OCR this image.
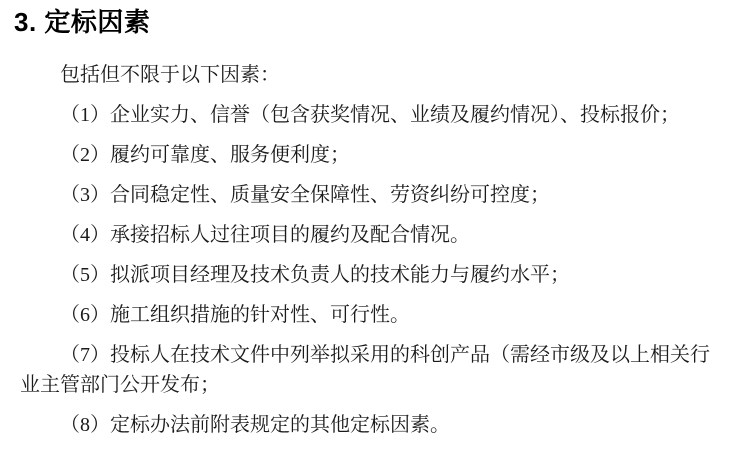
3. 定标因素

包括但不限于以下因素：

（1）企业实力、信誉（包含获奖情况、业绩及履约情况）、投标报价；

（2）履约可靠度、服务便利度；

（3）合同稳定性、质量安全保障性、劳资纠纷可控度；

（4）承接招标人过往项目的履约及配合情况。

（5）拟派项目经理及技术负责人的技术能力与履约水平；

（6）施工组织措施的针对性、可行性。

（7）投标人在技术文件中列举拟采用的科创产品（需经市级及以上相关行
业主管部门公开发布；

（8）定标办法前附表规定的其他定标因素。
